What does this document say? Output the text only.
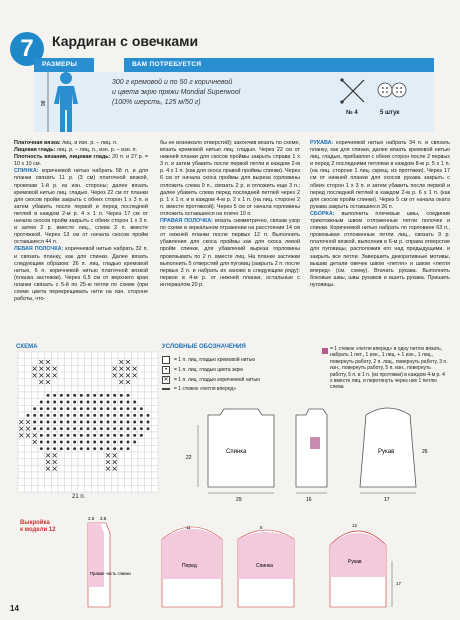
7	Кардиган с овечками
РАЗМЕРЫ	ВАМ ПОТРЕБУЕТСЯ
98
300 г кремовой и по 50 г коричневой
и цвета экрю пряжи Mondial Superwool
(100% шерсть, 125 м/50 г)
№ 4	5 штук

Платочная вязка: лиц. и изн. р. – лиц. п.

Лицевая гладь: лиц. р. – лиц. п., изн. р. – изн. п.

Плотность вязания, лицевая гладь: 20 п. и 27 р. = 10 х 10 см.

СПИНКА: коричневой нитью набрать 58 п. и для планки связать 11 р. (3 см) платочной вязкой, провязав 1-й р. из изн. стороны; далее вязать кремовой нитью лиц. гладью. Через 22 см от планки для скосов пройм закрыть с обеих сторон 1 х 3 п. и затем убавить после первой и перед последней петлей в каждом 2-м р. 4 х 1 п. Через 17 см от начала скосов пройм закрыть с обеих сторон 1 х 3 п. и затем 2 р. вместе лиц., слева 2 п. вместе протяжкой. Через 13 см от начала скосов пройм оставшиеся 44 п.

ЛЕВАЯ ПОЛОЧКА: коричневой нитью набрать 32 п. и связать планку, как для спинки. Далее вязать следующим образом: 26 п. лиц. гладью кремовой нитью, 6 п. коричневой нитью платочной вязкой (планка застежки). Через 6,5 см от верхнего края планки связать с 5-й по 25-ю петли по схеме (при схеме цвета перекрещивать нити на изн. стороне работы, что-

бы не возникало отверстий); закончив вязать по схеме, вязать кремовой нитью лиц. гладью. Через 22 см от нижней планки для скосов проймы закрыть справа 1 х 3 п. и затем убавить после первой петли в каждом 2-м р. 4 х 1 п. (как для скоса правой проймы спинки). Через 6 см от начала скоса проймы для выреза горловины отложить слева 9 п., связать 2 р. и отложить еще 3 п.; далее убавить слева перед последней петлей через 2 р. 1 х 1 п. и в каждом 4-м р. 2 х 1 п. (на лиц. стороне 2 п. вместе протяжкой). Через 5 см от начала горловины отложить оставшиеся на плечо 10 п.

ПРАВАЯ ПОЛОЧКА: вязать симметрично, связав узор по схеме в зеркальном отражении на расстоянии 14 см от нижней планки после первых 12 п. Выполнить убавления для скоса проймы как для скоса левой пройм спинки, для убавлений выреза горловины провязывать по 2 п. вместе лиц. На планке застежки выполнить 5 отверстий для пуговиц (закрыть 2 п. после первых 3 п. и набрать их заново в следующем ряду): первое в 4-м р. от нижней планки, остальные с интервалом 20 р.

РУКАВА: коричневой нитью набрать 34 п. и связать планку, как для спинки, далее вязать кремовой нитью лиц. гладью, прибавляя с обеих сторон после 2 первых и перед 2 последними петлями в каждом 8-м р. 5 х 1 п. (на лиц. стороне 1 лиц. скрещ. из протяжки). Через 17 см от нижней планки для скосов рукава закрыть с обеих сторон 1 х 3 п. и затем убавить после первой и перед последней петлей в каждом 2-м р. 6 х 1 п. (как для скосов пройм спинки). Через 5 см от начала окатa рукава закрыть оставшиеся 26 п.

СБОРКА: выполнить плечевые швы, соединив трикотажным швом отложенные петли полочек и спинки. Коричневой нитью набрать по горловине 63 п., провязывая отложенные петли лиц., связать 9 р. платочной вязкой, выполнив в 6-м р. справа отверстие для пуговицы, расположив его над предыдущими, и закрыть все петли. Завершить декоративные мотивы, вышив детали овечек швом «петля» и швом «петля вперед» (см. схему). Втачать рукава. Выполнить боковые швы, швы рукавов и вшить рукава. Пришить пуговицы.

СХЕМА
21 п.
УСЛОВНЫЕ ОБОЗНАЧЕНИЯ
= 1 п. лиц. гладью кремовой нитью
•	= 1 п. лиц. гладью цвета экрю
✕ = 1 п. лиц. гладью коричневой нитью
= 1 стежок «петля вперед»
= 1 стежок «петля вперед» и одну петлю вязать, набрать 1 пет., 1 изн., 1 лиц. + 1 изн., 1 лиц., повернуть работу, 2 п. лиц., повернуть работу, 3 п. изн., повернуть работу, 5 п. изн., повернуть работу, 5 п. в 1 п. (из протяжки) в каждом 4-м р. 4 х вместе лиц. и перетянуть через них 1 петлю слева
Спинка
29
22
16
Рукав
17
26
Выкройка
к модели 12
Правая часть спинки
2.5 3.5
Перед
11
Спинка
5
Рукав
12
17
14
